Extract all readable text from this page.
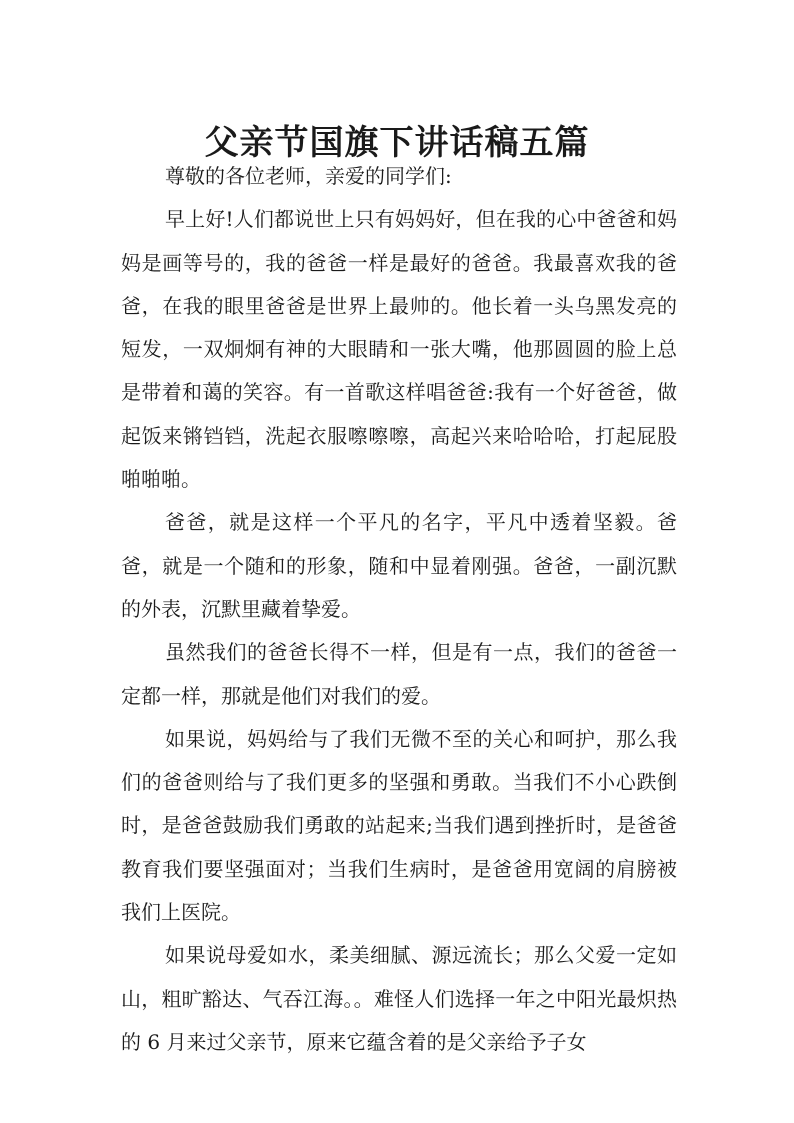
父亲节国旗下讲话稿五篇

尊敬的各位老师，亲爱的同学们:

早上好!人们都说世上只有妈妈好，但在我的心中爸爸和妈妈是画等号的，我的爸爸一样是最好的爸爸。我最喜欢我的爸爸，在我的眼里爸爸是世界上最帅的。他长着一头乌黑发亮的短发，一双炯炯有神的大眼睛和一张大嘴，他那圆圆的脸上总是带着和蔼的笑容。有一首歌这样唱爸爸:我有一个好爸爸，做起饭来锵铛铛，洗起衣服嚓嚓嚓，高起兴来哈哈哈，打起屁股啪啪啪。

爸爸，就是这样一个平凡的名字，平凡中透着坚毅。爸爸，就是一个随和的形象，随和中显着刚强。爸爸，一副沉默的外表，沉默里藏着挚爱。

虽然我们的爸爸长得不一样，但是有一点，我们的爸爸一定都一样，那就是他们对我们的爱。

如果说，妈妈给与了我们无微不至的关心和呵护，那么我们的爸爸则给与了我们更多的坚强和勇敢。当我们不小心跌倒时，是爸爸鼓励我们勇敢的站起来;当我们遇到挫折时，是爸爸教育我们要坚强面对；当我们生病时，是爸爸用宽阔的肩膀被我们上医院。

如果说母爱如水，柔美细腻、源远流长；那么父爱一定如山，粗旷豁达、气吞江海。。难怪人们选择一年之中阳光最炽热的 6 月来过父亲节，原来它蕴含着的是父亲给予子女
